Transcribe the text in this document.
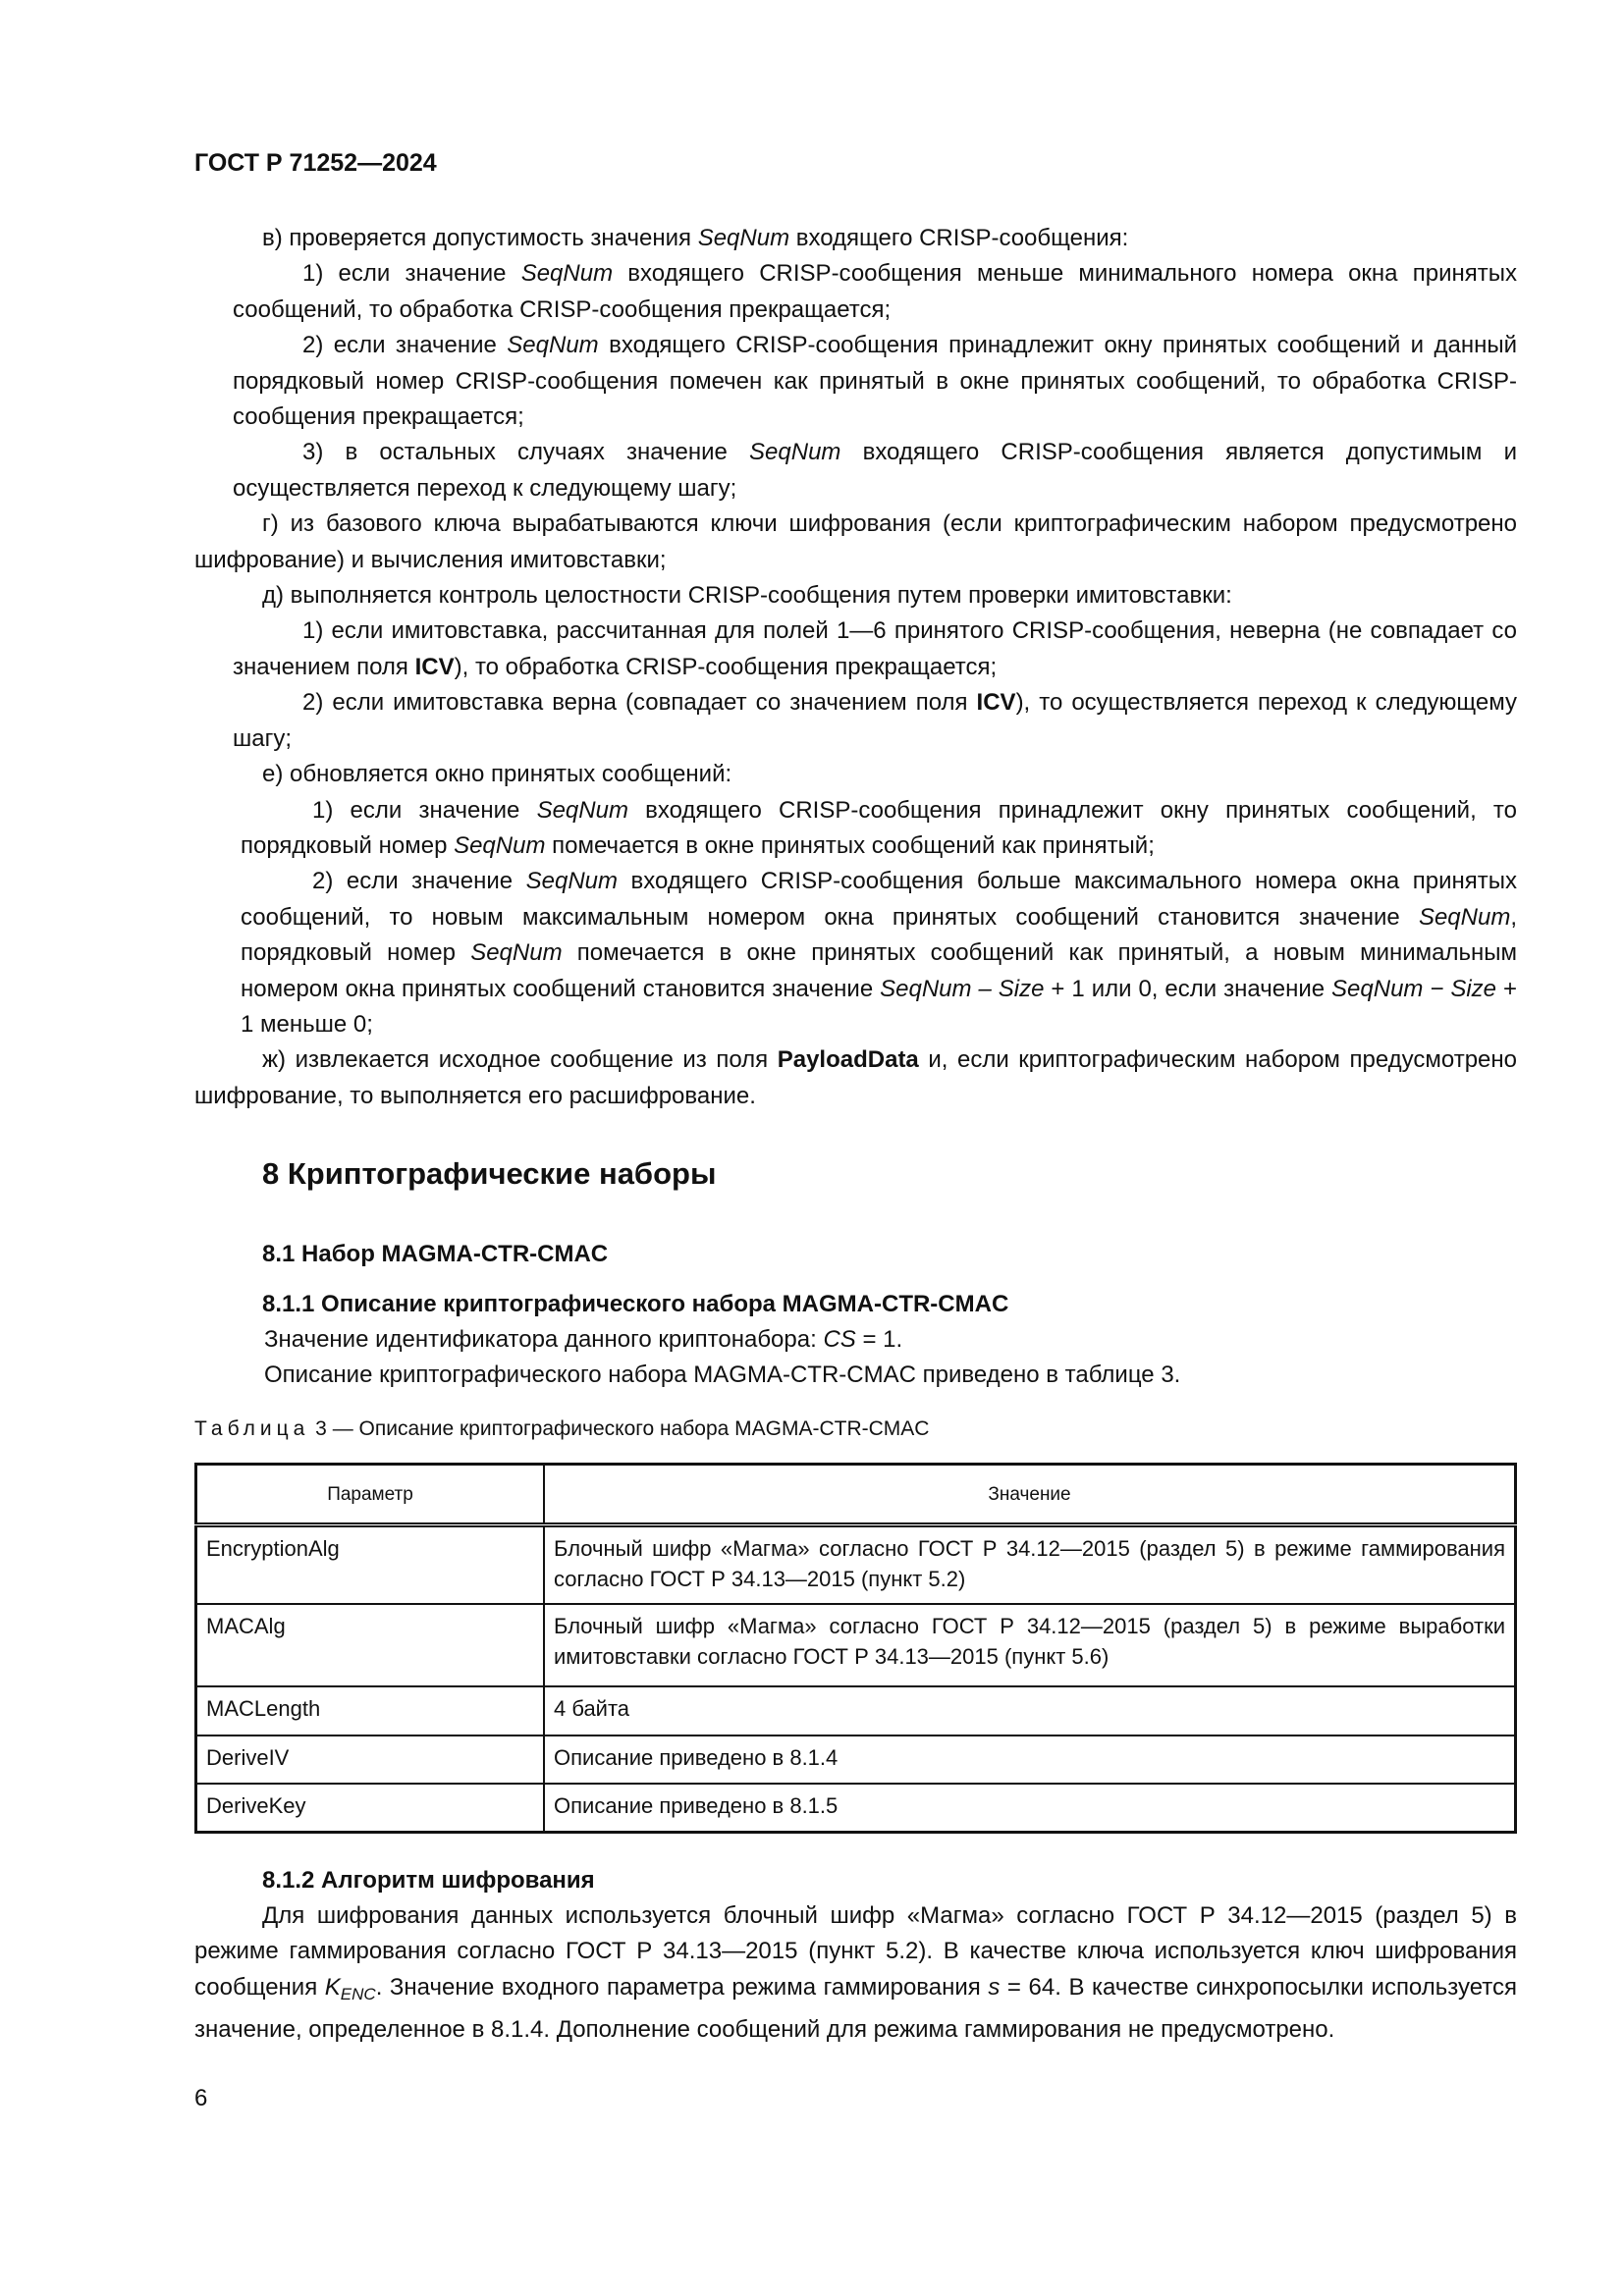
ГОСТ Р 71252—2024

в) проверяется допустимость значения SeqNum входящего CRISP-сообщения:

1) если значение SeqNum входящего CRISP-сообщения меньше минимального номера окна принятых сообщений, то обработка CRISP-сообщения прекращается;

2) если значение SeqNum входящего CRISP-сообщения принадлежит окну принятых сообщений и данный порядковый номер CRISP-сообщения помечен как принятый в окне принятых сообщений, то обработка CRISP-сообщения прекращается;

3) в остальных случаях значение SeqNum входящего CRISP-сообщения является допустимым и осуществляется переход к следующему шагу;

г) из базового ключа вырабатываются ключи шифрования (если криптографическим набором предусмотрено шифрование) и вычисления имитовставки;

д) выполняется контроль целостности CRISP-сообщения путем проверки имитовставки:

1) если имитовставка, рассчитанная для полей 1—6 принятого CRISP-сообщения, неверна (не совпадает со значением поля ICV), то обработка CRISP-сообщения прекращается;

2) если имитовставка верна (совпадает со значением поля ICV), то осуществляется переход к следующему шагу;

е) обновляется окно принятых сообщений:

1) если значение SeqNum входящего CRISP-сообщения принадлежит окну принятых сообщений, то порядковый номер SeqNum помечается в окне принятых сообщений как принятый;

2) если значение SeqNum входящего CRISP-сообщения больше максимального номера окна принятых сообщений, то новым максимальным номером окна принятых сообщений становится значение SeqNum, порядковый номер SeqNum помечается в окне принятых сообщений как принятый, а новым минимальным номером окна принятых сообщений становится значение SeqNum – Size + 1 или 0, если значение SeqNum − Size + 1 меньше 0;

ж) извлекается исходное сообщение из поля PayloadData и, если криптографическим набором предусмотрено шифрование, то выполняется его расшифрование.

8 Криптографические наборы
8.1 Набор MAGMA-CTR-CMAC
8.1.1 Описание криптографического набора MAGMA-CTR-CMAC

Значение идентификатора данного криптонабора: CS = 1.

Описание криптографического набора MAGMA-CTR-CMAC приведено в таблице 3.

Таблица 3 — Описание криптографического набора MAGMA-CTR-CMAC
Параметр	Значение
EncryptionAlg	Блочный шифр «Магма» согласно ГОСТ Р 34.12—2015 (раздел 5) в режиме гаммирования согласно ГОСТ Р 34.13—2015 (пункт 5.2)
MACAlg	Блочный шифр «Магма» согласно ГОСТ Р 34.12—2015 (раздел 5) в режиме выработки имитовставки согласно ГОСТ Р 34.13—2015 (пункт 5.6)
MACLength	4 байта
DeriveIV	Описание приведено в 8.1.4
DeriveKey	Описание приведено в 8.1.5
8.1.2 Алгоритм шифрования

Для шифрования данных используется блочный шифр «Магма» согласно ГОСТ Р 34.12—2015 (раздел 5) в режиме гаммирования согласно ГОСТ Р 34.13—2015 (пункт 5.2). В качестве ключа используется ключ шифрования сообщения $K_{ENC}$. Значение входного параметра режима гаммирования s = 64. В качестве синхропосылки используется значение, определенное в 8.1.4. Дополнение сообщений для режима гаммирования не предусмотрено.

6
